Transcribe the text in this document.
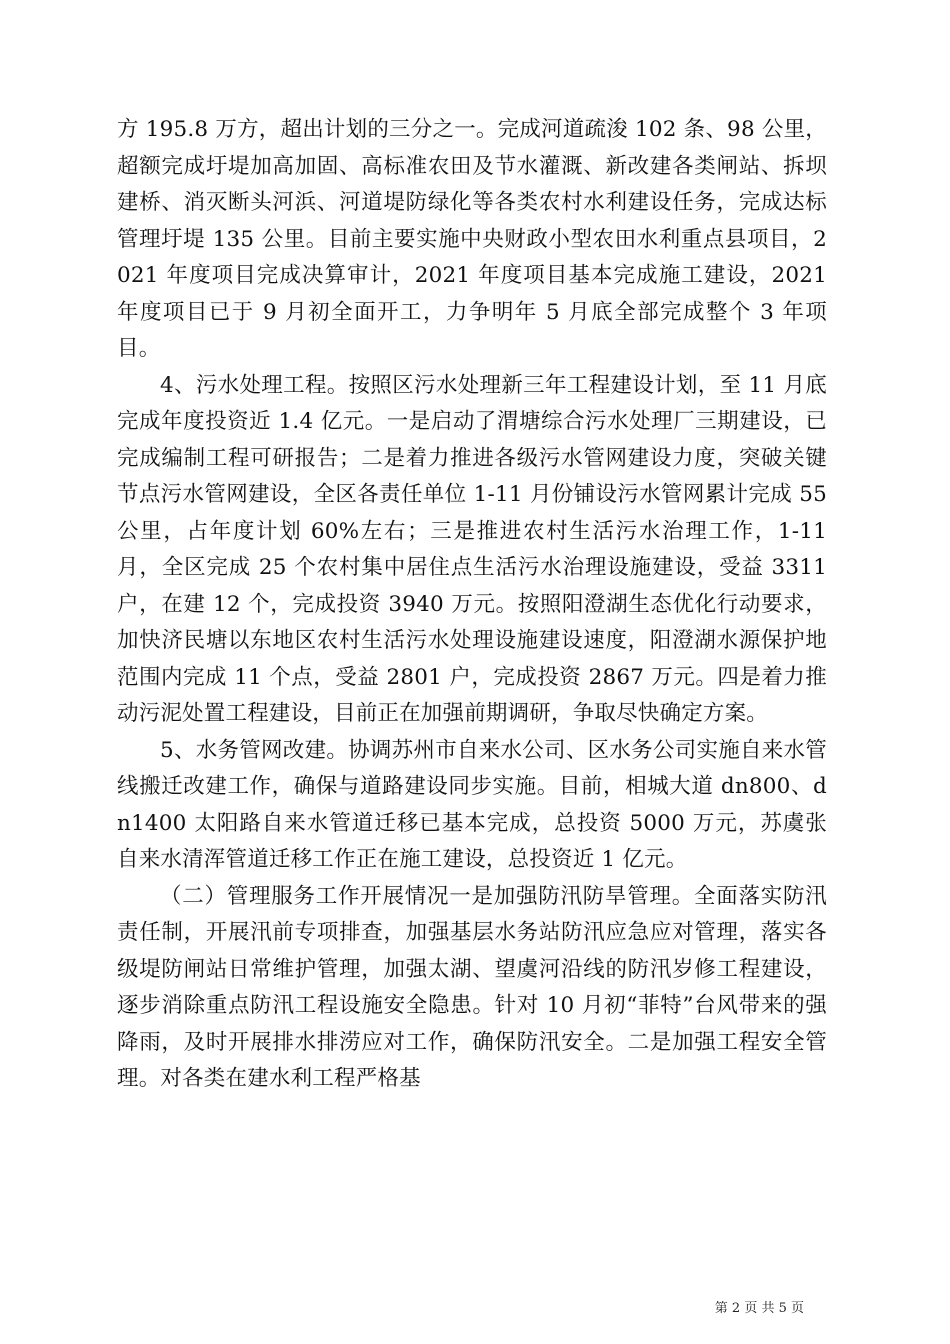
方 195.8 万方，超出计划的三分之一。完成河道疏浚 102 条、98 公里，超额完成圩堤加高加固、高标准农田及节水灌溉、新改建各类闸站、拆坝建桥、消灭断头河浜、河道堤防绿化等各类农村水利建设任务，完成达标管理圩堤 135 公里。目前主要实施中央财政小型农田水利重点县项目，2021 年度项目完成决算审计，2021 年度项目基本完成施工建设，2021 年度项目已于 9 月初全面开工，力争明年 5 月底全部完成整个 3 年项目。

4、污水处理工程。按照区污水处理新三年工程建设计划，至 11 月底完成年度投资近 1.4 亿元。一是启动了渭塘综合污水处理厂三期建设，已完成编制工程可研报告；二是着力推进各级污水管网建设力度，突破关键节点污水管网建设，全区各责任单位 1-11 月份铺设污水管网累计完成 55 公里，占年度计划 60%左右；三是推进农村生活污水治理工作，1-11 月，全区完成 25 个农村集中居住点生活污水治理设施建设，受益 3311 户，在建 12 个，完成投资 3940 万元。按照阳澄湖生态优化行动要求，加快济民塘以东地区农村生活污水处理设施建设速度，阳澄湖水源保护地范围内完成 11 个点，受益 2801 户，完成投资 2867 万元。四是着力推动污泥处置工程建设，目前正在加强前期调研，争取尽快确定方案。

5、水务管网改建。协调苏州市自来水公司、区水务公司实施自来水管线搬迁改建工作，确保与道路建设同步实施。目前，相城大道 dn800、dn1400 太阳路自来水管道迁移已基本完成，总投资 5000 万元，苏虞张自来水清浑管道迁移工作正在施工建设，总投资近 1 亿元。

（二）管理服务工作开展情况一是加强防汛防旱管理。全面落实防汛责任制，开展汛前专项排查，加强基层水务站防汛应急应对管理，落实各级堤防闸站日常维护管理，加强太湖、望虞河沿线的防汛岁修工程建设，逐步消除重点防汛工程设施安全隐患。针对 10 月初“菲特”台风带来的强降雨，及时开展排水排涝应对工作，确保防汛安全。二是加强工程安全管理。对各类在建水利工程严格基

第 2 页 共 5 页
